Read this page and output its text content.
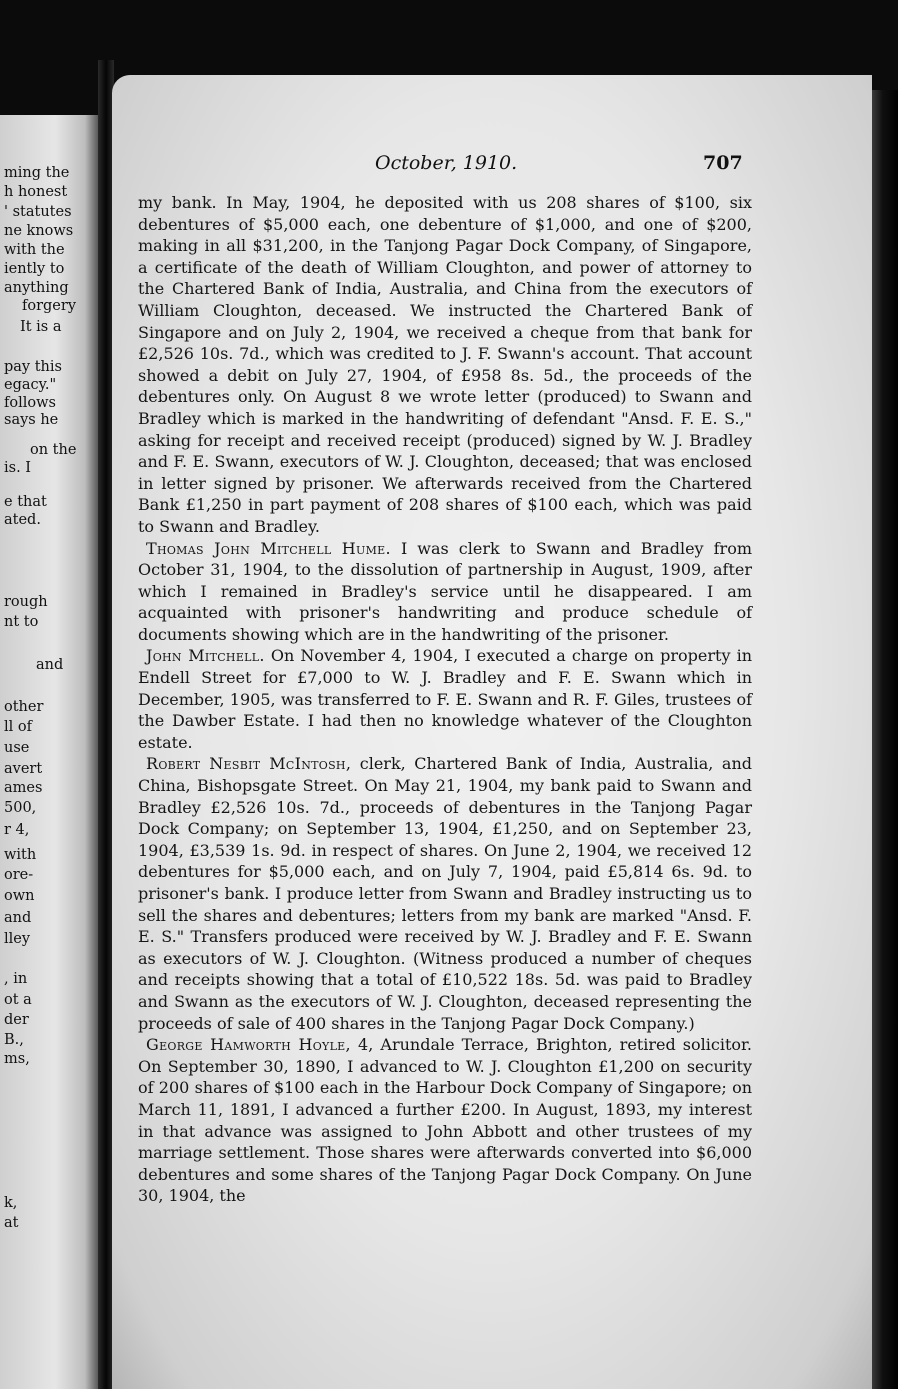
ming the
h honest
' statutes
ne knows
with the
iently to
anything
forgery
It is a
pay this
egacy."
follows
says he
on the
is. I
e that
ated.
rough
nt to
and
other
ll of
use
avert
ames
500,
r 4,
with
ore-
own
and
lley
, in
ot a
der
B.,
ms,
k,
at
October, 1910.	707

my bank. In May, 1904, he deposited with us 208 shares of $100, six debentures of $5,000 each, one debenture of $1,000, and one of $200, making in all $31,200, in the Tanjong Pagar Dock Company, of Singapore, a certificate of the death of William Cloughton, and power of attorney to the Chartered Bank of India, Australia, and China from the executors of William Cloughton, deceased. We instructed the Chartered Bank of Singapore and on July 2, 1904, we received a cheque from that bank for £2,526 10s. 7d., which was credited to J. F. Swann's account. That account showed a debit on July 27, 1904, of £958 8s. 5d., the proceeds of the debentures only. On August 8 we wrote letter (produced) to Swann and Bradley which is marked in the handwriting of defendant "Ansd. F. E. S.," asking for receipt and received receipt (produced) signed by W. J. Bradley and F. E. Swann, executors of W. J. Cloughton, deceased; that was enclosed in letter signed by prisoner. We afterwards received from the Chartered Bank £1,250 in part payment of 208 shares of $100 each, which was paid to Swann and Bradley.

Thomas John Mitchell Hume. I was clerk to Swann and Bradley from October 31, 1904, to the dissolution of partnership in August, 1909, after which I remained in Bradley's service until he disappeared. I am acquainted with prisoner's handwriting and produce schedule of documents showing which are in the handwriting of the prisoner.

John Mitchell. On November 4, 1904, I executed a charge on property in Endell Street for £7,000 to W. J. Bradley and F. E. Swann which in December, 1905, was transferred to F. E. Swann and R. F. Giles, trustees of the Dawber Estate. I had then no knowledge whatever of the Cloughton estate.

Robert Nesbit McIntosh, clerk, Chartered Bank of India, Australia, and China, Bishopsgate Street. On May 21, 1904, my bank paid to Swann and Bradley £2,526 10s. 7d., proceeds of debentures in the Tanjong Pagar Dock Company; on September 13, 1904, £1,250, and on September 23, 1904, £3,539 1s. 9d. in respect of shares. On June 2, 1904, we received 12 debentures for $5,000 each, and on July 7, 1904, paid £5,814 6s. 9d. to prisoner's bank. I produce letter from Swann and Bradley instructing us to sell the shares and debentures; letters from my bank are marked "Ansd. F. E. S." Transfers produced were received by W. J. Bradley and F. E. Swann as executors of W. J. Cloughton. (Witness produced a number of cheques and receipts showing that a total of £10,522 18s. 5d. was paid to Bradley and Swann as the executors of W. J. Cloughton, deceased representing the proceeds of sale of 400 shares in the Tanjong Pagar Dock Company.)

George Hamworth Hoyle, 4, Arundale Terrace, Brighton, retired solicitor. On September 30, 1890, I advanced to W. J. Cloughton £1,200 on security of 200 shares of $100 each in the Harbour Dock Company of Singapore; on March 11, 1891, I advanced a further £200. In August, 1893, my interest in that advance was assigned to John Abbott and other trustees of my marriage settlement. Those shares were afterwards converted into $6,000 debentures and some shares of the Tanjong Pagar Dock Company. On June 30, 1904, the
